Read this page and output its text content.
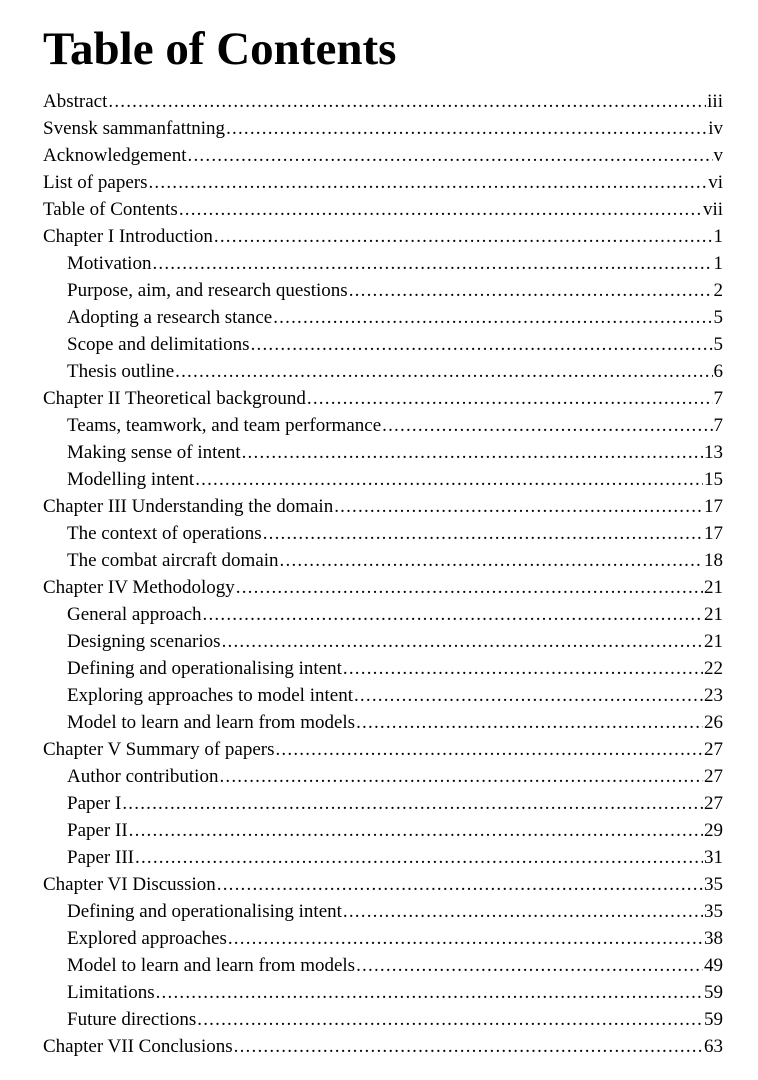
Table of Contents
Abstract .....	iii
Svensk sammanfattning .....	iv
Acknowledgement .....	v
List of papers .....	vi
Table of Contents .....	vii
Chapter I Introduction .....	1
Motivation .....	1
Purpose, aim, and research questions .....	2
Adopting a research stance .....	5
Scope and delimitations .....	5
Thesis outline .....	6
Chapter II Theoretical background .....	7
Teams, teamwork, and team performance .....	7
Making sense of intent .....	13
Modelling intent .....	15
Chapter III Understanding the domain .....	17
The context of operations .....	17
The combat aircraft domain .....	18
Chapter IV Methodology .....	21
General approach .....	21
Designing scenarios .....	21
Defining and operationalising intent .....	22
Exploring approaches to model intent .....	23
Model to learn and learn from models .....	26
Chapter V Summary of papers .....	27
Author contribution .....	27
Paper I .....	27
Paper II .....	29
Paper III .....	31
Chapter VI Discussion .....	35
Defining and operationalising intent .....	35
Explored approaches .....	38
Model to learn and learn from models .....	49
Limitations .....	59
Future directions .....	59
Chapter VII Conclusions .....	63
